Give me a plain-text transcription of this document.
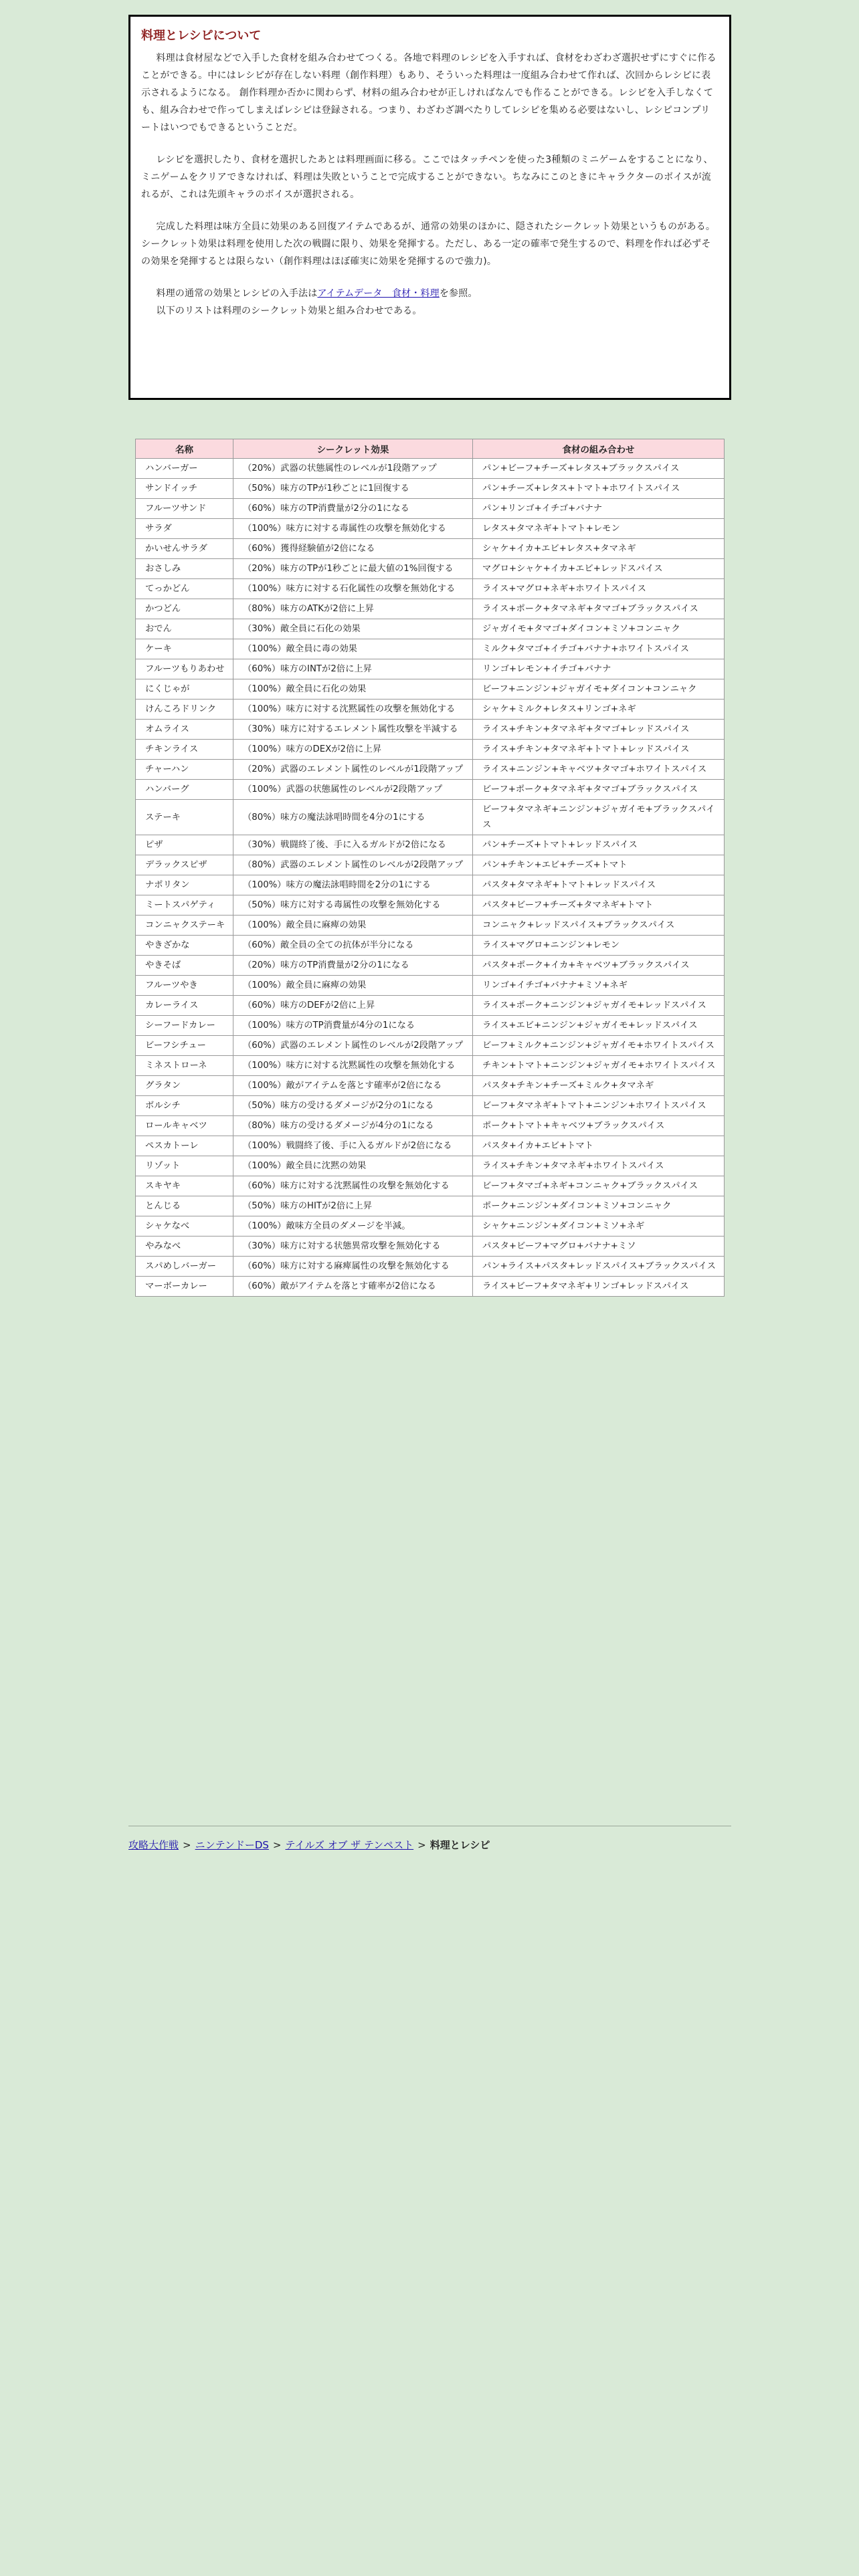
料理とレシピについて

料理は食材屋などで入手した食材を組み合わせてつくる。各地で料理のレシピを入手すれば、食材をわざわざ選択せずにすぐに作ることができる。中にはレシピが存在しない料理（創作料理）もあり、そういった料理は一度組み合わせて作れば、次回からレシピに表示されるようになる。 創作料理か否かに関わらず、材料の組み合わせが正しければなんでも作ることができる。レシピを入手しなくても、組み合わせで作ってしまえばレシピは登録される。つまり、わざわざ調べたりしてレシピを集める必要はないし、レシピコンプリートはいつでもできるということだ。

レシピを選択したり、食材を選択したあとは料理画面に移る。ここではタッチペンを使った3種類のミニゲームをすることになり、ミニゲームをクリアできなければ、料理は失敗ということで完成することができない。ちなみにこのときにキャラクターのボイスが流れるが、これは先頭キャラのボイスが選択される。

完成した料理は味方全員に効果のある回復アイテムであるが、通常の効果のほかに、隠されたシークレット効果というものがある。シークレット効果は料理を使用した次の戦闘に限り、効果を発揮する。ただし、ある一定の確率で発生するので、料理を作れば必ずその効果を発揮するとは限らない（創作料理はほぼ確実に効果を発揮するので強力)。

料理の通常の効果とレシピの入手法はアイテムデータ　食材・料理を参照。

以下のリストは料理のシークレット効果と組み合わせである。

名称	シークレット効果	食材の組み合わせ
ハンバーガー	（20%）武器の状態属性のレベルが1段階アップ	パン+ビーフ+チーズ+レタス+ブラックスパイス
サンドイッチ	（50%）味方のTPが1秒ごとに1回復する	パン+チーズ+レタス+トマト+ホワイトスパイス
フルーツサンド	（60%）味方のTP消費量が2分の1になる	パン+リンゴ+イチゴ+バナナ
サラダ	（100%）味方に対する毒属性の攻撃を無効化する	レタス+タマネギ+トマト+レモン
かいせんサラダ	（60%）獲得経験値が2倍になる	シャケ+イカ+エビ+レタス+タマネギ
おさしみ	（20%）味方のTPが1秒ごとに最大値の1%回復する	マグロ+シャケ+イカ+エビ+レッドスパイス
てっかどん	（100%）味方に対する石化属性の攻撃を無効化する	ライス+マグロ+ネギ+ホワイトスパイス
かつどん	（80%）味方のATKが2倍に上昇	ライス+ポーク+タマネギ+タマゴ+ブラックスパイス
おでん	（30%）敵全員に石化の効果	ジャガイモ+タマゴ+ダイコン+ミソ+コンニャク
ケーキ	（100%）敵全員に毒の効果	ミルク+タマゴ+イチゴ+バナナ+ホワイトスパイス
フルーツもりあわせ	（60%）味方のINTが2倍に上昇	リンゴ+レモン+イチゴ+バナナ
にくじゃが	（100%）敵全員に石化の効果	ビーフ+ニンジン+ジャガイモ+ダイコン+コンニャク
けんころドリンク	（100%）味方に対する沈黙属性の攻撃を無効化する	シャケ+ミルク+レタス+リンゴ+ネギ
オムライス	（30%）味方に対するエレメント属性攻撃を半減する	ライス+チキン+タマネギ+タマゴ+レッドスパイス
チキンライス	（100%）味方のDEXが2倍に上昇	ライス+チキン+タマネギ+トマト+レッドスパイス
チャーハン	（20%）武器のエレメント属性のレベルが1段階アップ	ライス+ニンジン+キャベツ+タマゴ+ホワイトスパイス
ハンバーグ	（100%）武器の状態属性のレベルが2段階アップ	ビーフ+ポーク+タマネギ+タマゴ+ブラックスパイス
ステーキ	（80%）味方の魔法詠唱時間を4分の1にする	ビーフ+タマネギ+ニンジン+ジャガイモ+ブラックスパイス
ピザ	（30%）戦闘終了後、手に入るガルドが2倍になる	パン+チーズ+トマト+レッドスパイス
デラックスピザ	（80%）武器のエレメント属性のレベルが2段階アップ	パン+チキン+エビ+チーズ+トマト
ナポリタン	（100%）味方の魔法詠唱時間を2分の1にする	パスタ+タマネギ+トマト+レッドスパイス
ミートスパゲティ	（50%）味方に対する毒属性の攻撃を無効化する	パスタ+ビーフ+チーズ+タマネギ+トマト
コンニャクステーキ	（100%）敵全員に麻痺の効果	コンニャク+レッドスパイス+ブラックスパイス
やきざかな	（60%）敵全員の全ての抗体が半分になる	ライス+マグロ+ニンジン+レモン
やきそば	（20%）味方のTP消費量が2分の1になる	パスタ+ポーク+イカ+キャベツ+ブラックスパイス
フルーツやき	（100%）敵全員に麻痺の効果	リンゴ+イチゴ+バナナ+ミソ+ネギ
カレーライス	（60%）味方のDEFが2倍に上昇	ライス+ポーク+ニンジン+ジャガイモ+レッドスパイス
シーフードカレー	（100%）味方のTP消費量が4分の1になる	ライス+エビ+ニンジン+ジャガイモ+レッドスパイス
ビーフシチュー	（60%）武器のエレメント属性のレベルが2段階アップ	ビーフ+ミルク+ニンジン+ジャガイモ+ホワイトスパイス
ミネストローネ	（100%）味方に対する沈黙属性の攻撃を無効化する	チキン+トマト+ニンジン+ジャガイモ+ホワイトスパイス
グラタン	（100%）敵がアイテムを落とす確率が2倍になる	パスタ+チキン+チーズ+ミルク+タマネギ
ボルシチ	（50%）味方の受けるダメージが2分の1になる	ビーフ+タマネギ+トマト+ニンジン+ホワイトスパイス
ロールキャベツ	（80%）味方の受けるダメージが4分の1になる	ポーク+トマト+キャベツ+ブラックスパイス
ペスカトーレ	（100%）戦闘終了後、手に入るガルドが2倍になる	パスタ+イカ+エビ+トマト
リゾット	（100%）敵全員に沈黙の効果	ライス+チキン+タマネギ+ホワイトスパイス
スキヤキ	（60%）味方に対する沈黙属性の攻撃を無効化する	ビーフ+タマゴ+ネギ+コンニャク+ブラックスパイス
とんじる	（50%）味方のHITが2倍に上昇	ポーク+ニンジン+ダイコン+ミソ+コンニャク
シャケなべ	（100%）敵味方全員のダメージを半減。	シャケ+ニンジン+ダイコン+ミソ+ネギ
やみなべ	（30%）味方に対する状態異常攻撃を無効化する	パスタ+ビーフ+マグロ+バナナ+ミソ
スパめしバーガー	（60%）味方に対する麻痺属性の攻撃を無効化する	パン+ライス+パスタ+レッドスパイス+ブラックスパイス
マーボーカレー	（60%）敵がアイテムを落とす確率が2倍になる	ライス+ビーフ+タマネギ+リンゴ+レッドスパイス
攻略大作戦 > ニンテンドーDS > テイルズ オブ ザ テンペスト > 料理とレシピ
